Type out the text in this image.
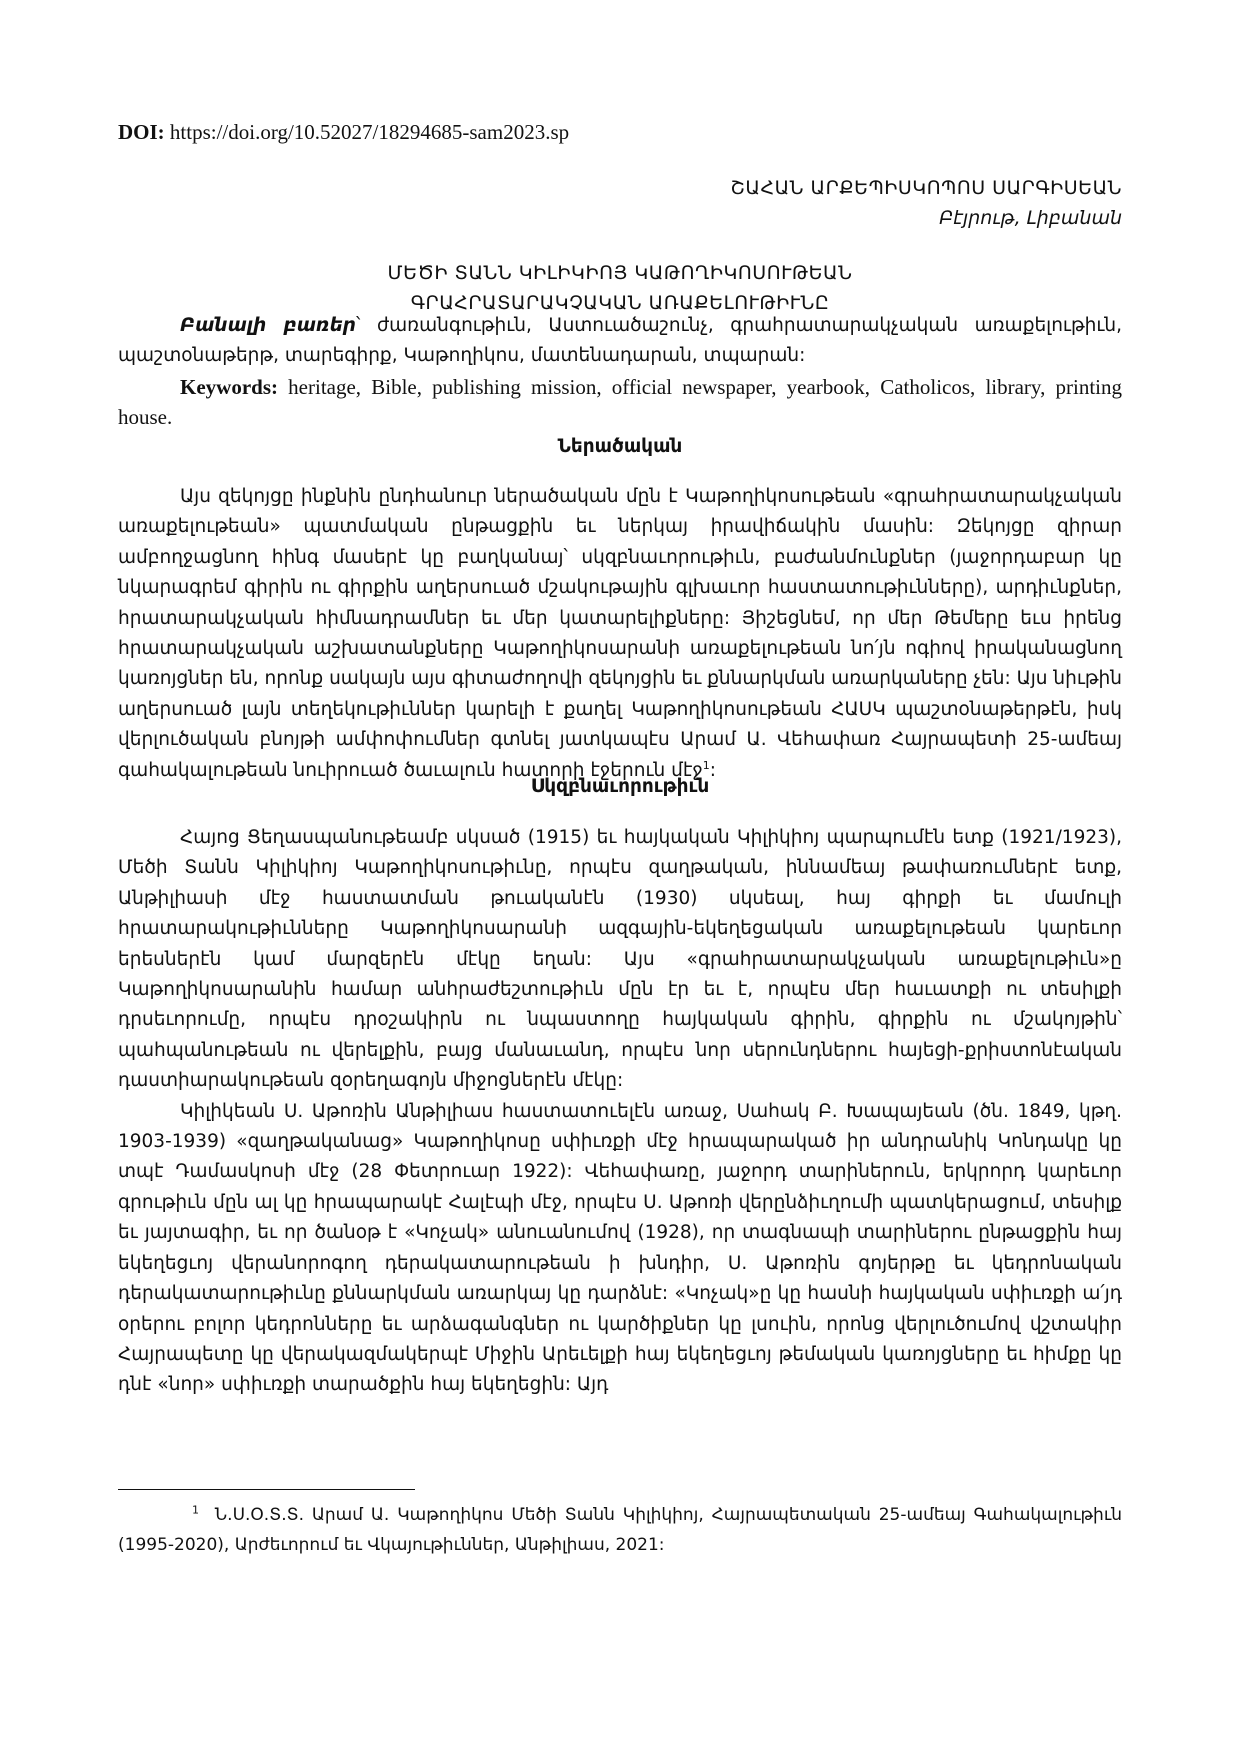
DOI: https://doi.org/10.52027/18294685-sam2023.sp
ՇԱՀԱՆ ԱՐՔԵՊԻՍԿՈՊՈՍ ՍԱՐԳԻՍԵԱՆ
Բէյրութ, Լիբանան
ՄԵԾԻ ՏԱՆՆ ԿԻԼԻԿԻՈՅ ԿԱԹՈՂԻԿՈՍՈՒԹԵԱՆ
ԳՐԱՀՐԱՏԱՐԱԿՉԱԿԱՆ ԱՌԱՔԵԼՈՒԹԻՒՆԸ

Բանալի բառեր՝ ժառանգութիւն, Աստուածաշունչ, գրահրատարակչական առաքելութիւն, պաշտօնաթերթ, տարեգիրք, Կաթողիկոս, մատենադարան, տպարան:

Keywords: heritage, Bible, publishing mission, official newspaper, yearbook, Catholicos, library, printing house.

Ներածական

Այս զեկոյցը ինքնին ընդհանուր ներածական մըն է Կաթողիկոսութեան «գրահրատարակչական առաքելութեան» պատմական ընթացքին եւ ներկայ իրավիճակին մասին: Զեկոյցը զիրար ամբողջացնող հինգ մասերէ կը բաղկանայ՝ սկզբնաւորութիւն, բաժանմունքներ (յաջորդաբար կը նկարագրեմ գիրին ու գիրքին աղերսուած մշակութային գլխաւոր հաստատութիւնները), արդիւնքներ, հրատարակչական հիմնադրամներ եւ մեր կատարելիքները: Յիշեցնեմ, որ մեր Թեմերը եւս իրենց հրատարակչական աշխատանքները Կաթողիկոսարանի առաքելութեան նո՛յն ոգիով իրականացնող կառոյցներ են, որոնք սակայն այս գիտաժողովի զեկոյցին եւ քննարկման առարկաները չեն: Այս նիւթին աղերսուած լայն տեղեկութիւններ կարելի է քաղել Կաթողիկոսութեան ՀԱՍԿ պաշտօնաթերթէն, իսկ վերլուծական բնոյթի ամփոփումներ գտնել յատկապէս Արամ Ա. Վեհափառ Հայրապետի 25-ամեայ գահակալութեան նուիրուած ծաւալուն հատորի էջերուն մէջ$^1$:

Սկզբնաւորութիւն

Հայոց Ցեղասպանութեամբ սկսած (1915) եւ հայկական Կիլիկիոյ պարպումէն ետք (1921/1923), Մեծի Տանն Կիլիկիոյ Կաթողիկոսութիւնը, որպէս զաղթական, իննամեայ թափառումներէ ետք, Անթիլիասի մէջ հաստատման թուականէն (1930) սկսեալ, հայ գիրքի եւ մամուլի հրատարակութիւնները Կաթողիկոսարանի ազգային-եկեղեցական առաքելութեան կարեւոր երեսներէն կամ մարզերէն մէկը եղան: Այս «գրահրատարակչական առաքելութիւն»ը Կաթողիկոսարանին համար անհրաժեշտութիւն մըն էր եւ է, որպէս մեր հաւատքի ու տեսիլքի դրսեւորումը, որպէս դրօշակիրն ու նպաստողը հայկական գիրին, գիրքին ու մշակոյթին՝ պահպանութեան ու վերելքին, բայց մանաւանդ, որպէս նոր սերունդներու հայեցի-քրիստոնէական դաստիարակութեան զօրեղագոյն միջոցներէն մէկը:

Կիլիկեան Ս. Աթոռին Անթիլիաս հաստատուելէն առաջ, Սահակ Բ. Խապայեան (ծն. 1849, կթղ. 1903-1939) «զաղթականաց» Կաթողիկոսը սփիւռքի մէջ հրապարակած իր անդրանիկ Կոնդակը կը տպէ Դամասկոսի մէջ (28 Փետրուար 1922): Վեհափառը, յաջորդ տարիներուն, երկրորդ կարեւոր գրութիւն մըն ալ կը հրապարակէ Հալէպի մէջ, որպէս Ս. Աթոռի վերընձիւղումի պատկերացում, տեսիլք եւ յայտագիր, եւ որ ծանօթ է «Կոչակ» անուանումով (1928), որ տագնապի տարիներու ընթացքին հայ եկեղեցւոյ վերանորոգող դերակատարութեան ի խնդիր, Ս. Աթոռին գոյերթը եւ կեդրոնական դերակատարութիւնը քննարկման առարկայ կը դարձնէ: «Կոչակ»ը կը հասնի հայկական սփիւռքի ա՛յդ օրերու բոլոր կեդրոնները եւ արձագանգներ ու կարծիքներ կը լսուին, որոնց վերլուծումով վշտակիր Հայրապետը կը վերակազմակերպէ Միջին Արեւելքի հայ եկեղեցւոյ թեմական կառոյցները եւ հիմքը կը դնէ «նոր» սփիւռքի տարածքին հայ եկեղեցին: Այդ

$^1$ Ն.Ս.Օ.Տ.Տ. Արամ Ա. Կաթողիկոս Մեծի Տանն Կիլիկիոյ, Հայրապետական 25-ամեայ Գահակալութիւն (1995-2020), Արժեւորում եւ Վկայութիւններ, Անթիլիաս, 2021:
